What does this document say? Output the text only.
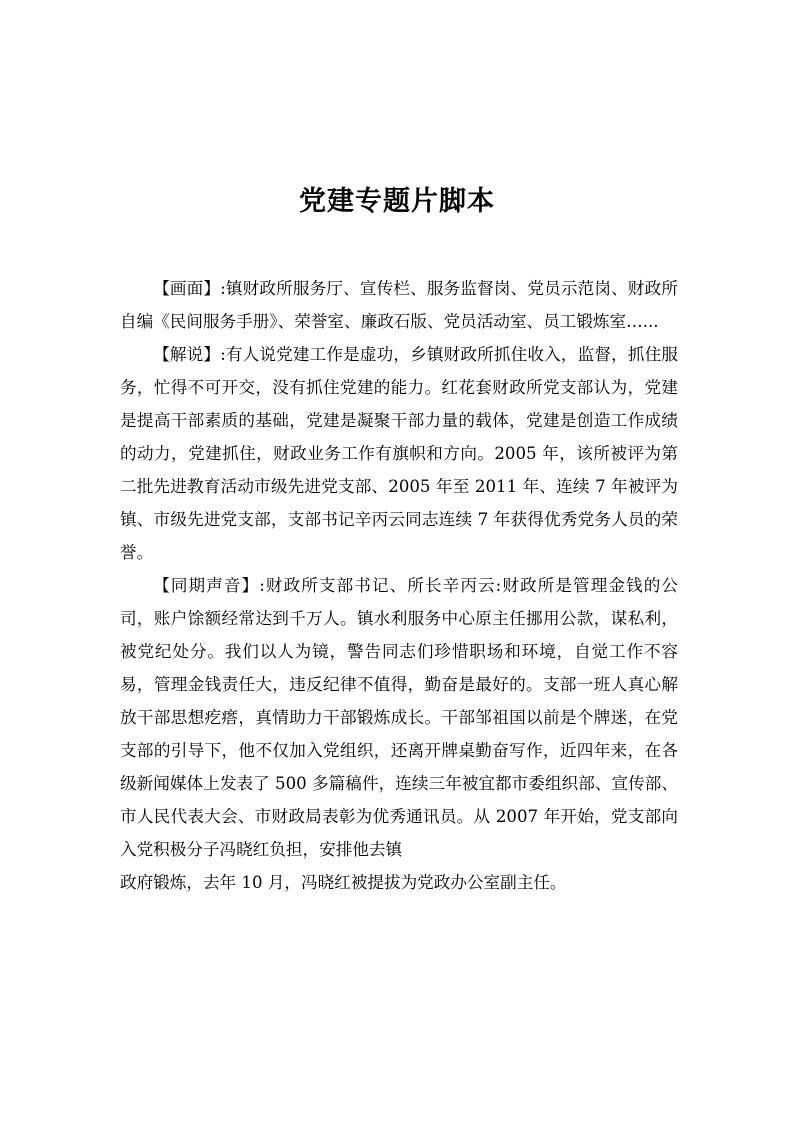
党建专题片脚本

【画面】:镇财政所服务厅、宣传栏、服务监督岗、党员示范岗、财政所自编《民间服务手册》、荣誉室、廉政石版、党员活动室、员工锻炼室…...

【解说】:有人说党建工作是虚功，乡镇财政所抓住收入，监督，抓住服务，忙得不可开交，没有抓住党建的能力。红花套财政所党支部认为，党建是提高干部素质的基础，党建是凝聚干部力量的载体，党建是创造工作成绩的动力，党建抓住，财政业务工作有旗帜和方向。2005 年，该所被评为第二批先进教育活动市级先进党支部、2005 年至 2011 年、连续 7 年被评为镇、市级先进党支部，支部书记辛丙云同志连续 7 年获得优秀党务人员的荣誉。

【同期声音】:财政所支部书记、所长辛丙云:财政所是管理金钱的公司，账户馀额经常达到千万人。镇水利服务中心原主任挪用公款，谋私利，被党纪处分。我们以人为镜，警告同志们珍惜职场和环境，自觉工作不容易，管理金钱责任大，违反纪律不值得，勤奋是最好的。支部一班人真心解放干部思想疙瘩，真情助力干部锻炼成长。干部邹祖国以前是个牌迷，在党支部的引导下，他不仅加入党组织，还离开牌桌勤奋写作，近四年来，在各级新闻媒体上发表了 500 多篇稿件，连续三年被宜都市委组织部、宣传部、市人民代表大会、市财政局表彰为优秀通讯员。从 2007 年开始，党支部向入党积极分子冯晓红负担，安排他去镇

政府锻炼，去年 10 月，冯晓红被提拔为党政办公室副主任。
